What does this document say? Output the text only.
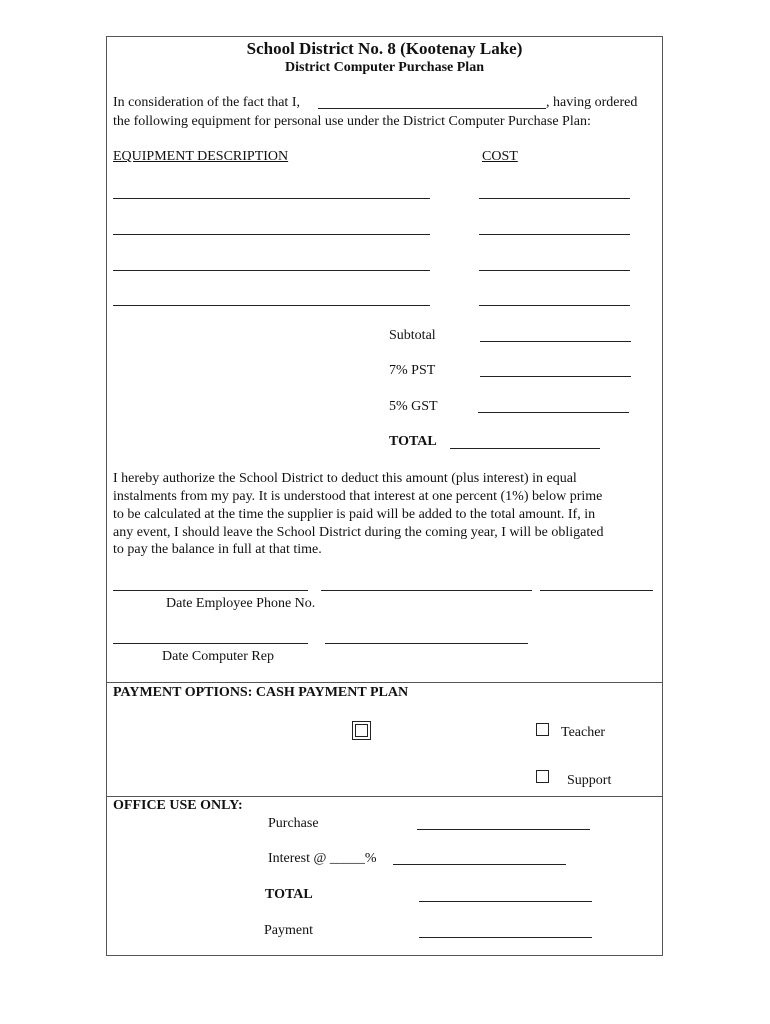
School District No. 8 (Kootenay Lake)
District Computer Purchase Plan
In consideration of the fact that I,	, having ordered
the following equipment for personal use under the District Computer Purchase Plan:
EQUIPMENT DESCRIPTION	COST
Subtotal
7% PST
5% GST
TOTAL
I hereby authorize the School District to deduct this amount (plus interest) in equal
instalments from my pay. It is understood that interest at one percent (1%) below prime
to be calculated at the time the supplier is paid will be added to the total amount. If, in
any event, I should leave the School District during the coming year, I will be obligated
to pay the balance in full at that time.
Date Employee Phone No.
Date Computer Rep
PAYMENT OPTIONS: CASH PAYMENT PLAN
Teacher
Support
OFFICE USE ONLY:
Purchase
Interest @ _____%
TOTAL
Payment
